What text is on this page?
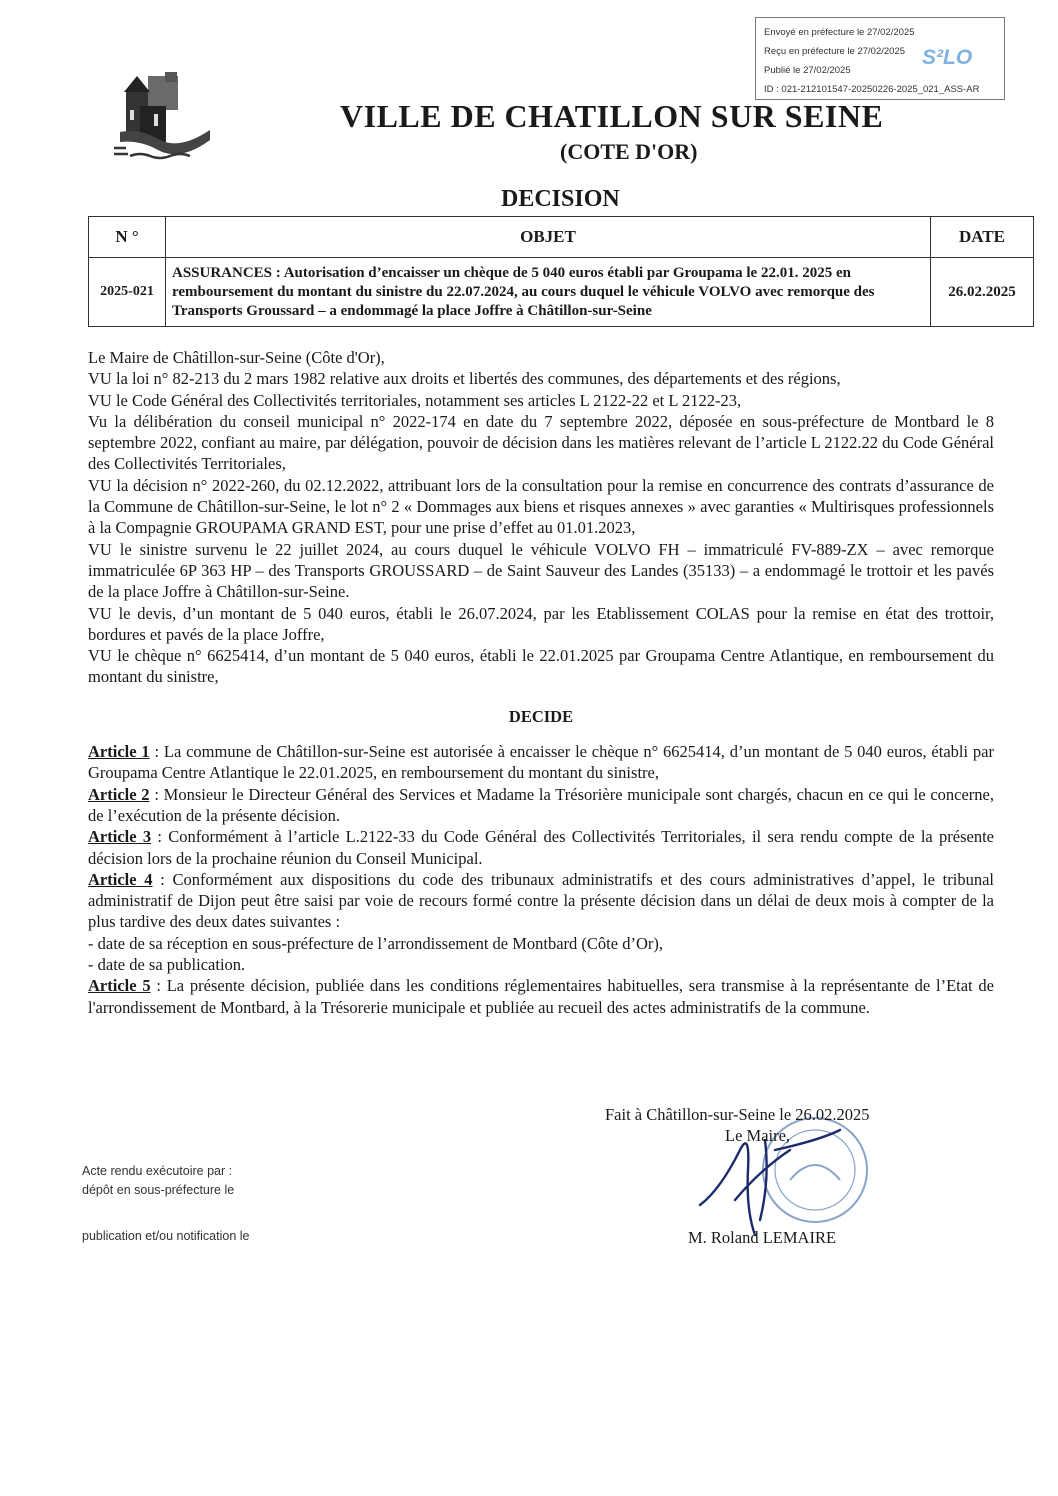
Envoyé en préfecture le 27/02/2025
Reçu en préfecture le 27/02/2025
Publié le 27/02/2025
ID : 021-212101547-20250226-2025_021_ASS-AR
S²LO
VILLE DE CHATILLON SUR SEINE
(COTE D'OR)
DECISION
N °	OBJET	DATE
2025-021	ASSURANCES : Autorisation d’encaisser un chèque de 5 040 euros établi par Groupama le 22.01. 2025 en remboursement du montant du sinistre du 22.07.2024, au cours duquel le véhicule VOLVO avec remorque des Transports Groussard – a endommagé la place Joffre à Châtillon-sur-Seine	26.02.2025

Le Maire de Châtillon-sur-Seine (Côte d'Or),

VU la loi n° 82-213 du 2 mars 1982 relative aux droits et libertés des communes, des départements et des régions,

VU le Code Général des Collectivités territoriales, notamment ses articles L 2122-22 et L 2122-23,

Vu la délibération du conseil municipal n° 2022-174 en date du 7 septembre 2022, déposée en sous-préfecture de Montbard le 8 septembre 2022, confiant au maire, par délégation, pouvoir de décision dans les matières relevant de l’article L 2122.22 du Code Général des Collectivités Territoriales,

VU la décision n° 2022-260, du 02.12.2022, attribuant lors de la consultation pour la remise en concurrence des contrats d’assurance de la Commune de Châtillon-sur-Seine, le lot n° 2 « Dommages aux biens et risques annexes » avec garanties « Multirisques professionnels à la Compagnie GROUPAMA GRAND EST, pour une prise d’effet au 01.01.2023,

VU le sinistre survenu le 22 juillet 2024, au cours duquel le véhicule VOLVO FH – immatriculé FV-889-ZX – avec remorque immatriculée 6P 363 HP – des Transports GROUSSARD – de Saint Sauveur des Landes (35133) – a endommagé le trottoir et les pavés de la place Joffre à Châtillon-sur-Seine.

VU le devis, d’un montant de 5 040 euros, établi le 26.07.2024, par les Etablissement COLAS pour la remise en état des trottoir, bordures et pavés de la place Joffre,

VU le chèque n° 6625414, d’un montant de 5 040 euros, établi le 22.01.2025 par Groupama Centre Atlantique, en remboursement du montant du sinistre,

DECIDE

Article 1 : La commune de Châtillon-sur-Seine est autorisée à encaisser le chèque n° 6625414, d’un montant de 5 040 euros, établi par Groupama Centre Atlantique le 22.01.2025, en remboursement du montant du sinistre,

Article 2 : Monsieur le Directeur Général des Services et Madame la Trésorière municipale sont chargés, chacun en ce qui le concerne, de l’exécution de la présente décision.

Article 3 : Conformément à l’article L.2122-33 du Code Général des Collectivités Territoriales, il sera rendu compte de la présente décision lors de la prochaine réunion du Conseil Municipal.

Article 4 : Conformément aux dispositions du code des tribunaux administratifs et des cours administratives d’appel, le tribunal administratif de Dijon peut être saisi par voie de recours formé contre la présente décision dans un délai de deux mois à compter de la plus tardive des deux dates suivantes :

- date de sa réception en sous-préfecture de l’arrondissement de Montbard (Côte d’Or),

- date de sa publication.

Article 5 : La présente décision, publiée dans les conditions réglementaires habituelles, sera transmise à la représentante de l’Etat de l'arrondissement de Montbard, à la Trésorerie municipale et publiée au recueil des actes administratifs de la commune.

Fait à Châtillon-sur-Seine le 26.02.2025
Le Maire,
M. Roland LEMAIRE
Acte rendu exécutoire par :
dépôt en sous-préfecture le
publication et/ou notification le
